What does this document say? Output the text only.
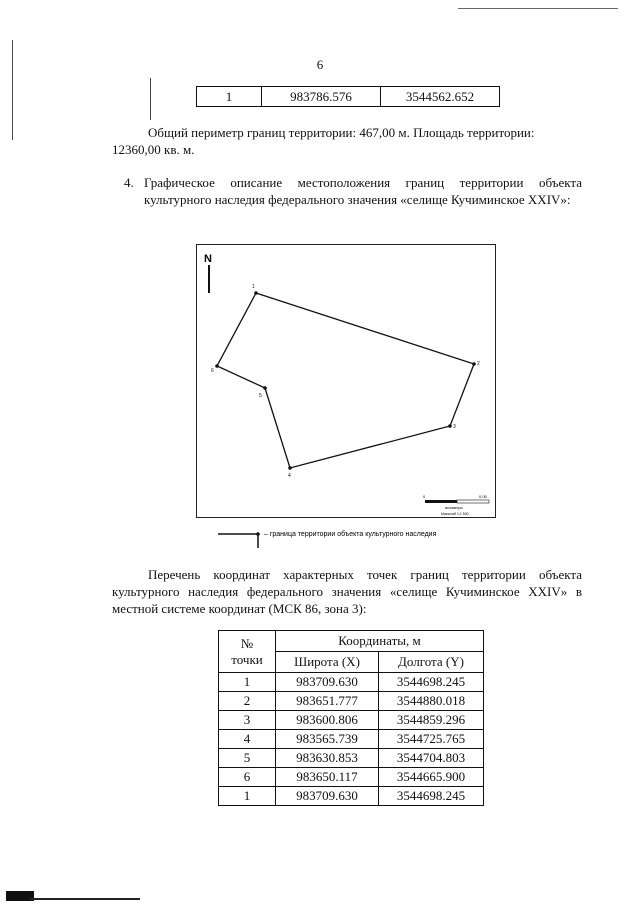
6
1	983786.576	3544562.652
Общий периметр границ территории: 467,00 м. Площадь территории:
12360,00 кв. м.
4. Графическое описание местоположения границ территории объекта культурного наследия федерального значения «селище Кучиминское XXIV»:
N
1
2
3
4
5
6
0	0,05
километры
Масштаб 1:1 500
– граница территории объекта культурного наследия
Перечень координат характерных точек границ территории объекта культурного наследия федерального значения «селище Кучиминское XXIV» в местной системе координат (МСК 86, зона 3):
№
точки	Координаты, м	
	Широта (X)	Долгота (Y)
1	983709.630	3544698.245
2	983651.777	3544880.018
3	983600.806	3544859.296
4	983565.739	3544725.765
5	983630.853	3544704.803
6	983650.117	3544665.900
1	983709.630	3544698.245
